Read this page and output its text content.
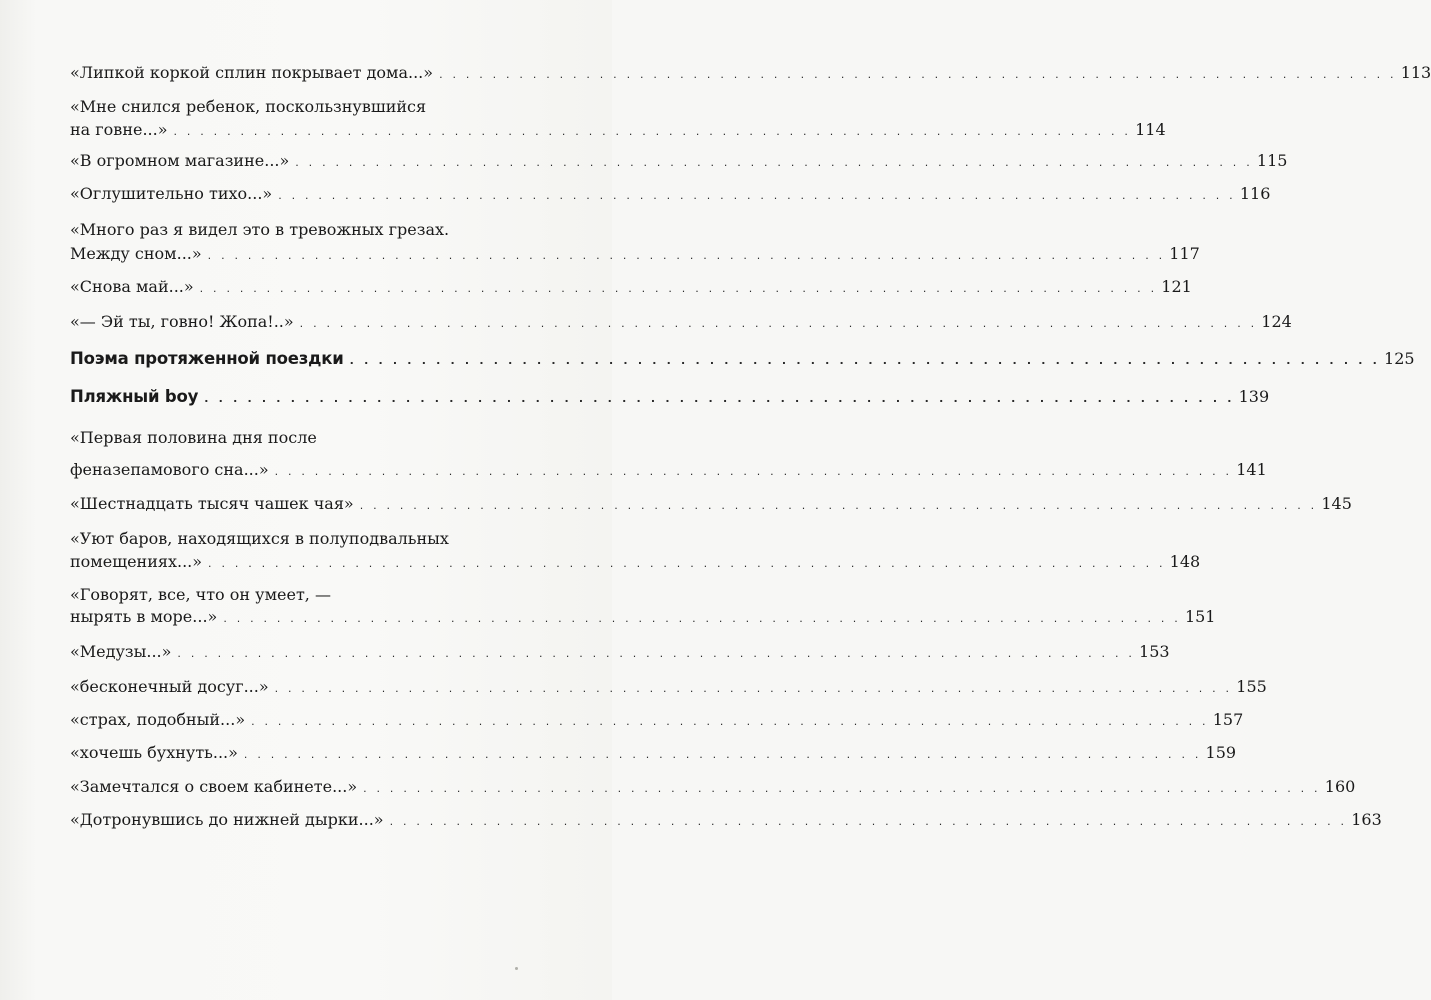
«Липкой коркой сплин покрывает дома...» . . . . . . . . . . . . . . . . . . . . . . . . . . . . . . . . . . . . . . . . . . . . . . . . . . . . . . . . . . . . . . . . . . . . . . . . 113
«Мне снился ребенок, поскользнувшийся
на говне...» . . . . . . . . . . . . . . . . . . . . . . . . . . . . . . . . . . . . . . . . . . . . . . . . . . . . . . . . . . . . . . . . . . . . . . . . 114
«В огромном магазине...» . . . . . . . . . . . . . . . . . . . . . . . . . . . . . . . . . . . . . . . . . . . . . . . . . . . . . . . . . . . . . . . . . . . . . . . . 115
«Оглушительно тихо...» . . . . . . . . . . . . . . . . . . . . . . . . . . . . . . . . . . . . . . . . . . . . . . . . . . . . . . . . . . . . . . . . . . . . . . . . 116
«Много раз я видел это в тревожных грезах.
Между сном...» . . . . . . . . . . . . . . . . . . . . . . . . . . . . . . . . . . . . . . . . . . . . . . . . . . . . . . . . . . . . . . . . . . . . . . . . 117
«Снова май...» . . . . . . . . . . . . . . . . . . . . . . . . . . . . . . . . . . . . . . . . . . . . . . . . . . . . . . . . . . . . . . . . . . . . . . . . 121
«— Эй ты, говно! Жопа!..» . . . . . . . . . . . . . . . . . . . . . . . . . . . . . . . . . . . . . . . . . . . . . . . . . . . . . . . . . . . . . . . . . . . . . . . . 124
Поэма протяженной поездки . . . . . . . . . . . . . . . . . . . . . . . . . . . . . . . . . . . . . . . . . . . . . . . . . . . . . . . . . . . . . . . . . . . . . . . . 125
Пляжный boy . . . . . . . . . . . . . . . . . . . . . . . . . . . . . . . . . . . . . . . . . . . . . . . . . . . . . . . . . . . . . . . . . . . . . . . . 139
«Первая половина дня после
феназепамового сна...» . . . . . . . . . . . . . . . . . . . . . . . . . . . . . . . . . . . . . . . . . . . . . . . . . . . . . . . . . . . . . . . . . . . . . . . . 141
«Шестнадцать тысяч чашек чая» . . . . . . . . . . . . . . . . . . . . . . . . . . . . . . . . . . . . . . . . . . . . . . . . . . . . . . . . . . . . . . . . . . . . . . . . 145
«Уют баров, находящихся в полуподвальных
помещениях...» . . . . . . . . . . . . . . . . . . . . . . . . . . . . . . . . . . . . . . . . . . . . . . . . . . . . . . . . . . . . . . . . . . . . . . . . 148
«Говорят, все, что он умеет, —
нырять в море...» . . . . . . . . . . . . . . . . . . . . . . . . . . . . . . . . . . . . . . . . . . . . . . . . . . . . . . . . . . . . . . . . . . . . . . . . 151
«Медузы...» . . . . . . . . . . . . . . . . . . . . . . . . . . . . . . . . . . . . . . . . . . . . . . . . . . . . . . . . . . . . . . . . . . . . . . . . 153
«бесконечный досуг...» . . . . . . . . . . . . . . . . . . . . . . . . . . . . . . . . . . . . . . . . . . . . . . . . . . . . . . . . . . . . . . . . . . . . . . . . 155
«страх, подобный...» . . . . . . . . . . . . . . . . . . . . . . . . . . . . . . . . . . . . . . . . . . . . . . . . . . . . . . . . . . . . . . . . . . . . . . . . 157
«хочешь бухнуть...» . . . . . . . . . . . . . . . . . . . . . . . . . . . . . . . . . . . . . . . . . . . . . . . . . . . . . . . . . . . . . . . . . . . . . . . . 159
«Замечтался о своем кабинете...» . . . . . . . . . . . . . . . . . . . . . . . . . . . . . . . . . . . . . . . . . . . . . . . . . . . . . . . . . . . . . . . . . . . . . . . . 160
«Дотронувшись до нижней дырки...» . . . . . . . . . . . . . . . . . . . . . . . . . . . . . . . . . . . . . . . . . . . . . . . . . . . . . . . . . . . . . . . . . . . . . . . . 163
